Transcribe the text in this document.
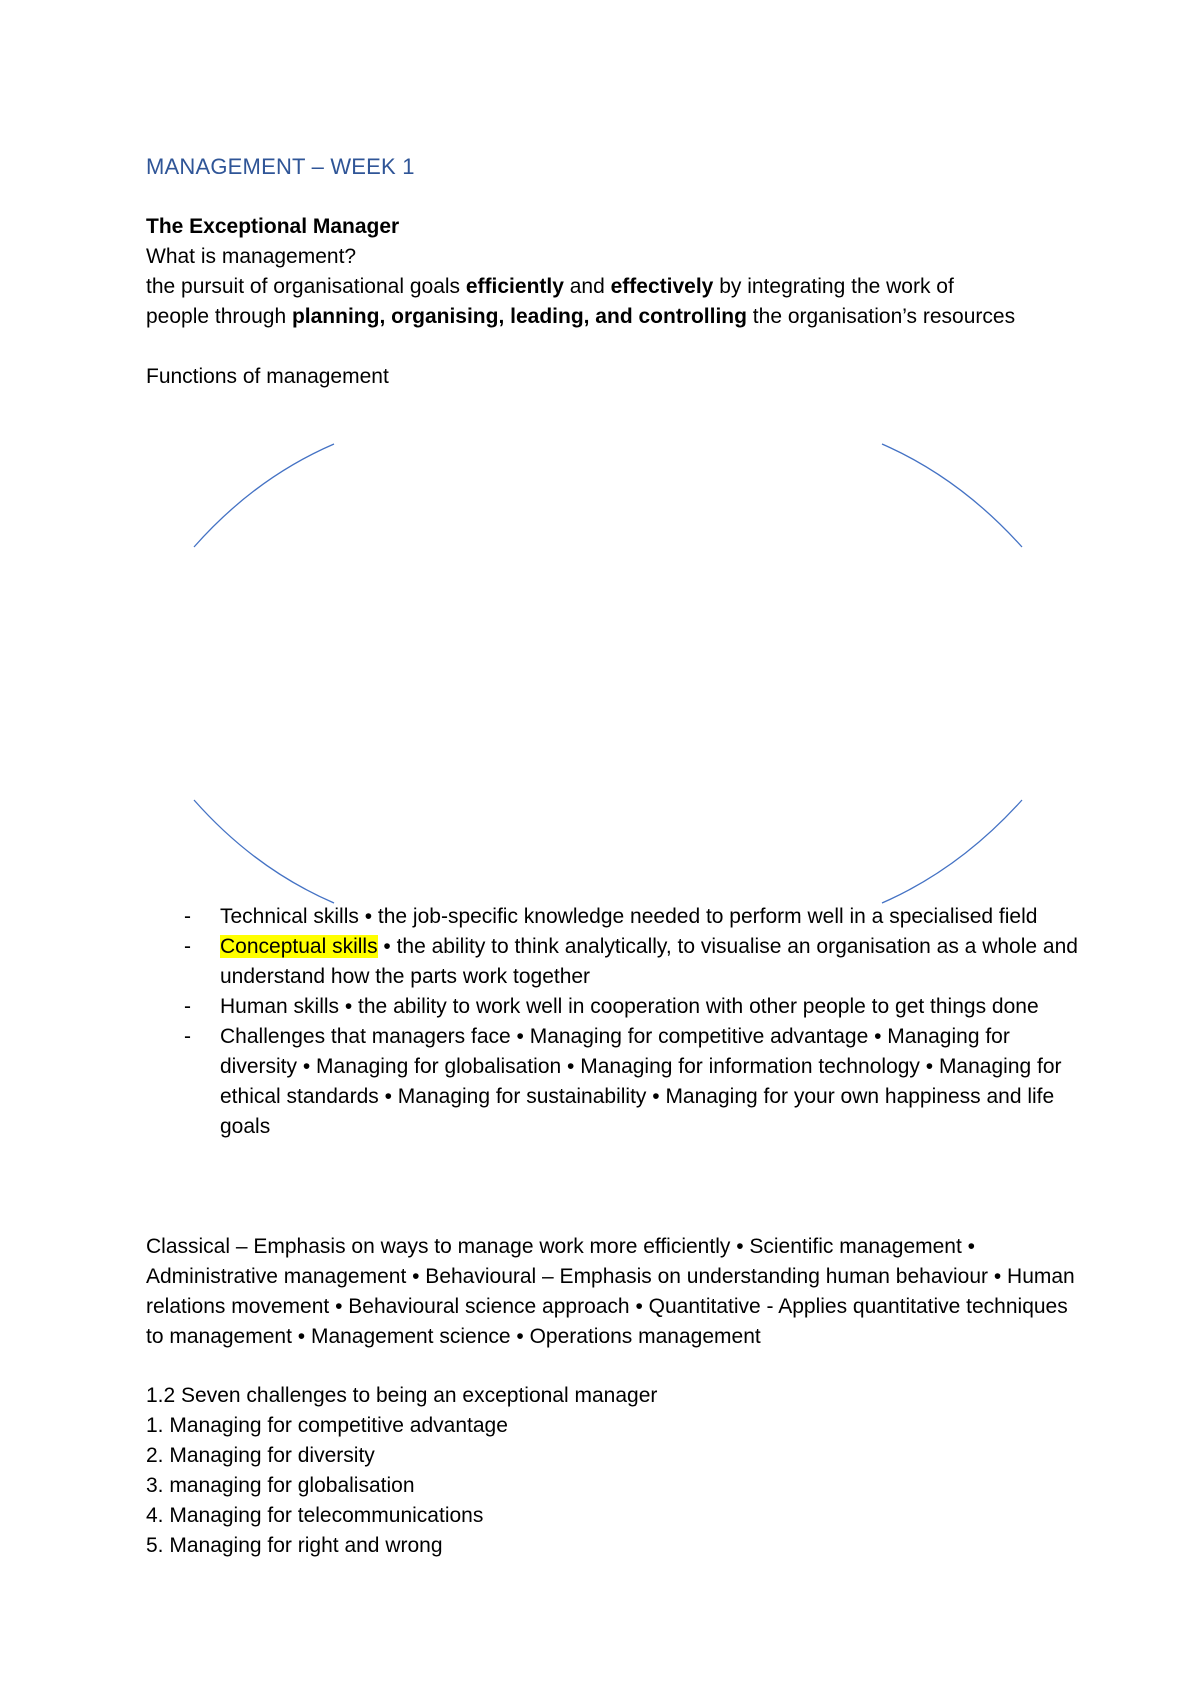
MANAGEMENT – WEEK 1
The Exceptional Manager
What is management?
the pursuit of organisational goals efficiently and effectively by integrating the work of
people through planning, organising, leading, and controlling the organisation’s resources
Functions of management
- Technical skills • the job-specific knowledge needed to perform well in a specialised field
- Conceptual skills • the ability to think analytically, to visualise an organisation as a whole and understand how the parts work together
- Human skills • the ability to work well in cooperation with other people to get things done
- Challenges that managers face • Managing for competitive advantage • Managing for diversity • Managing for globalisation • Managing for information technology • Managing for ethical standards • Managing for sustainability • Managing for your own happiness and life goals
Classical – Emphasis on ways to manage work more efficiently • Scientific management • Administrative management • Behavioural – Emphasis on understanding human behaviour • Human relations movement • Behavioural science approach • Quantitative - Applies quantitative techniques to management • Management science • Operations management
1.2 Seven challenges to being an exceptional manager
1. Managing for competitive advantage
2. Managing for diversity
3. managing for globalisation
4. Managing for telecommunications
5. Managing for right and wrong
